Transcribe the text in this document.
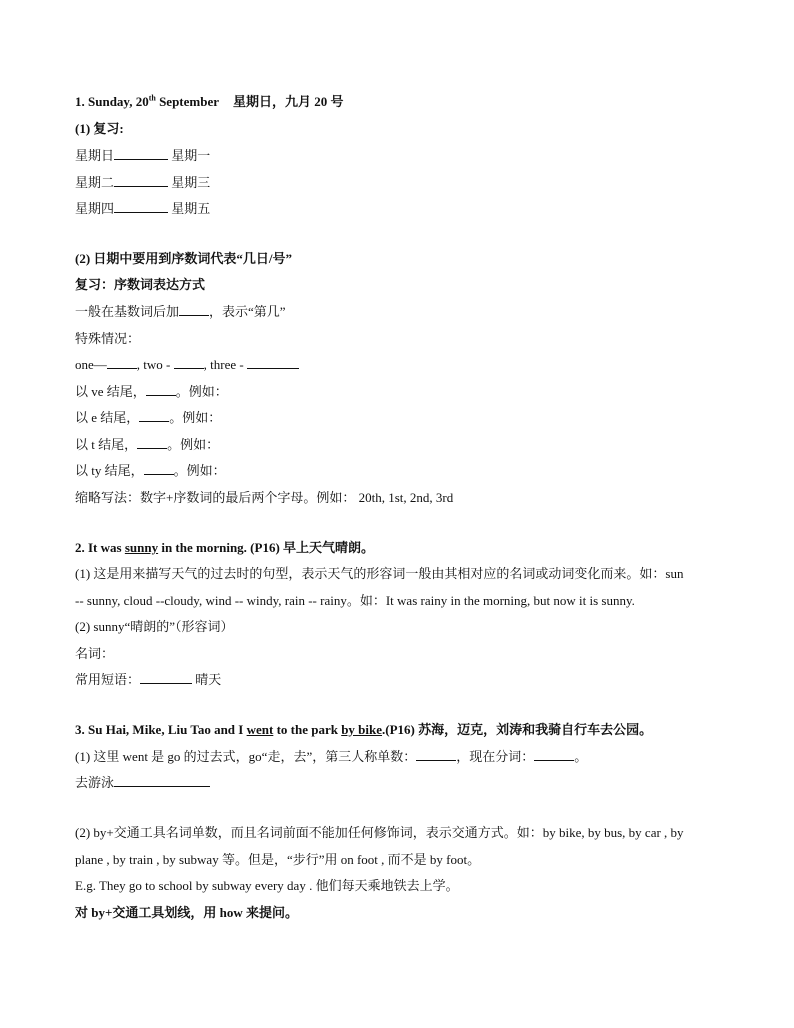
1. Sunday, 20th September 星期日，九月 20 号
(1) 复习:
星期日	星期一
星期二	星期三
星期四	星期五
(2) 日期中要用到序数词代表“几日/号”
复习：序数词表达方式
一般在基数词后加 ，表示“第几”
特殊情况：
one— , two - , three -
以 ve 结尾， 。例如：
以 e 结尾， 。例如：
以 t 结尾， 。例如：
以 ty 结尾， 。例如：
缩略写法：数字+序数词的最后两个字母。例如： 20th, 1st, 2nd, 3rd
2. It was sunny in the morning. (P16) 早上天气晴朗。
(1) 这是用来描写天气的过去时的句型，表示天气的形容词一般由其相对应的名词或动词变化而来。如：sun
-- sunny, cloud --cloudy, wind -- windy, rain -- rainy。如：It was rainy in the morning, but now it is sunny.
(2) sunny“晴朗的”（形容词）
名词：
常用短语：	晴天
3. Su Hai, Mike, Liu Tao and I went to the park by bike.(P16) 苏海，迈克，刘涛和我骑自行车去公园。
(1) 这里 went 是 go 的过去式，go“走，去”，第三人称单数：	，现在分词：	。
去游泳
(2) by+交通工具名词单数，而且名词前面不能加任何修饰词，表示交通方式。如：by bike, by bus, by car , by
plane , by train , by subway 等。但是，“步行”用 on foot , 而不是 by foot。
E.g. They go to school by subway every day . 他们每天乘地铁去上学。
对 by+交通工具划线，用 how 来提问。
